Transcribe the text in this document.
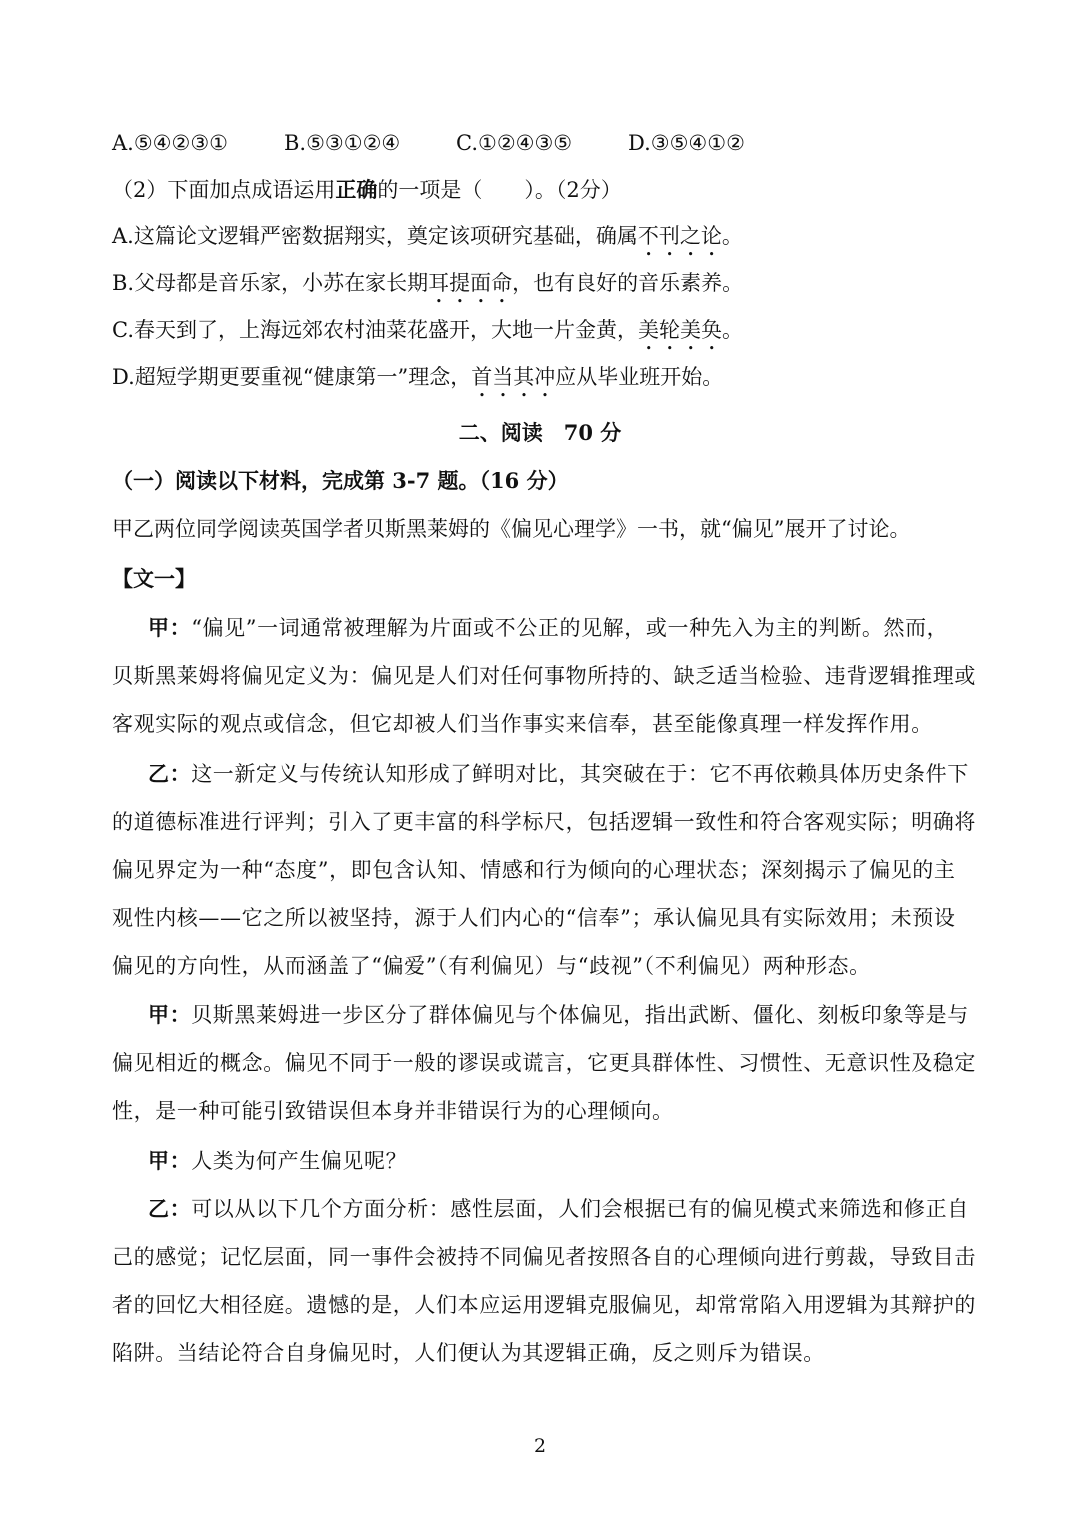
A.⑤④②③①	B.⑤③①②④	C.①②④③⑤	D.③⑤④①②
（2）下面加点成语运用正确的一项是（　　）。（2分）
A.这篇论文逻辑严密数据翔实，奠定该项研究基础，确属不刊之论。
B.父母都是音乐家，小苏在家长期耳提面命，也有良好的音乐素养。
C.春天到了，上海远郊农村油菜花盛开，大地一片金黄，美轮美奂。
D.超短学期更要重视“健康第一”理念，首当其冲应从毕业班开始。
二、阅读　70 分
（一）阅读以下材料，完成第 3-7 题。（16 分）
甲乙两位同学阅读英国学者贝斯黑莱姆的《偏见心理学》一书，就“偏见”展开了讨论。
【文一】
甲：“偏见”一词通常被理解为片面或不公正的见解，或一种先入为主的判断。然而，
贝斯黑莱姆将偏见定义为：偏见是人们对任何事物所持的、缺乏适当检验、违背逻辑推理或
客观实际的观点或信念，但它却被人们当作事实来信奉，甚至能像真理一样发挥作用。
乙：这一新定义与传统认知形成了鲜明对比，其突破在于：它不再依赖具体历史条件下
的道德标准进行评判；引入了更丰富的科学标尺，包括逻辑一致性和符合客观实际；明确将
偏见界定为一种“态度”，即包含认知、情感和行为倾向的心理状态；深刻揭示了偏见的主
观性内核——它之所以被坚持，源于人们内心的“信奉”；承认偏见具有实际效用；未预设
偏见的方向性，从而涵盖了“偏爱”（有利偏见）与“歧视”（不利偏见）两种形态。
甲：贝斯黑莱姆进一步区分了群体偏见与个体偏见，指出武断、僵化、刻板印象等是与
偏见相近的概念。偏见不同于一般的谬误或谎言，它更具群体性、习惯性、无意识性及稳定
性，是一种可能引致错误但本身并非错误行为的心理倾向。
甲：人类为何产生偏见呢？
乙：可以从以下几个方面分析：感性层面，人们会根据已有的偏见模式来筛选和修正自
己的感觉；记忆层面，同一事件会被持不同偏见者按照各自的心理倾向进行剪裁，导致目击
者的回忆大相径庭。遗憾的是，人们本应运用逻辑克服偏见，却常常陷入用逻辑为其辩护的
陷阱。当结论符合自身偏见时，人们便认为其逻辑正确，反之则斥为错误。
2
